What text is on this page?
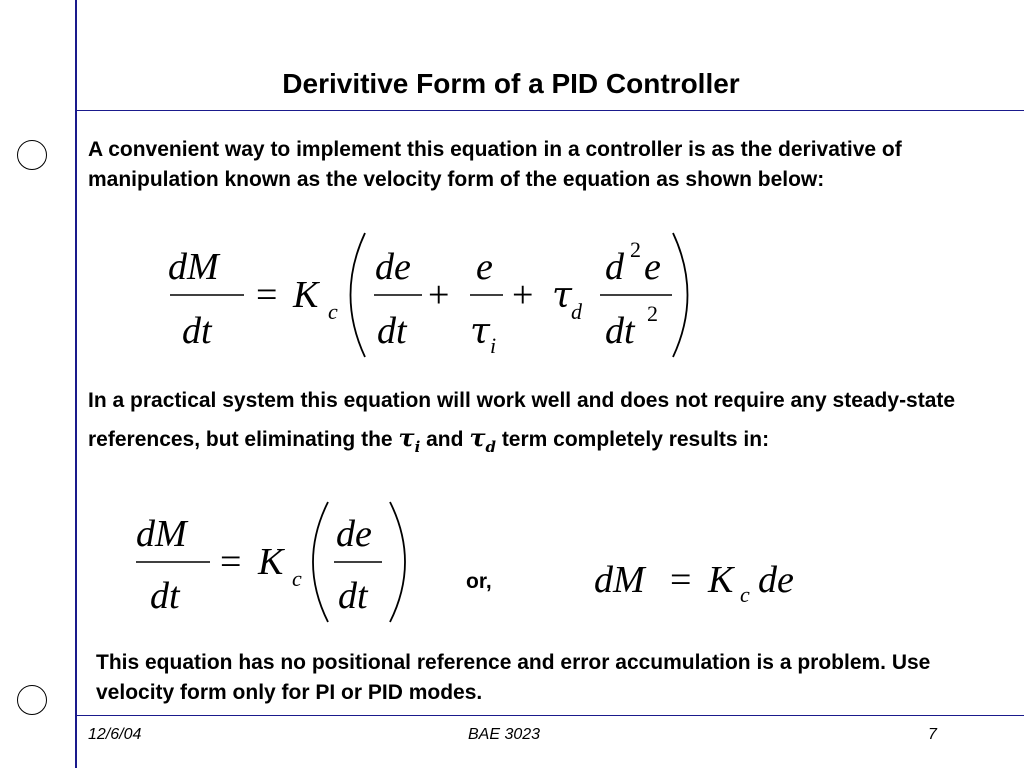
Derivitive Form of a PID Controller
A convenient way to implement this equation in a controller is as the derivative of manipulation known as the velocity form of the equation as shown below:
dM
dt
= K c
de
dt
+
e
τ i
+ τ d
d 2 e
dt 2
In a practical system this equation will work well and does not require any steady-state references, but eliminating the $\tau_i$ and $\tau_d$ term completely results in:
dM
dt
= K c
de
dt	or,	dM = K c de
This equation has no positional reference and error accumulation is a problem. Use velocity form only for PI or PID modes.
12/6/04	BAE 3023	7
